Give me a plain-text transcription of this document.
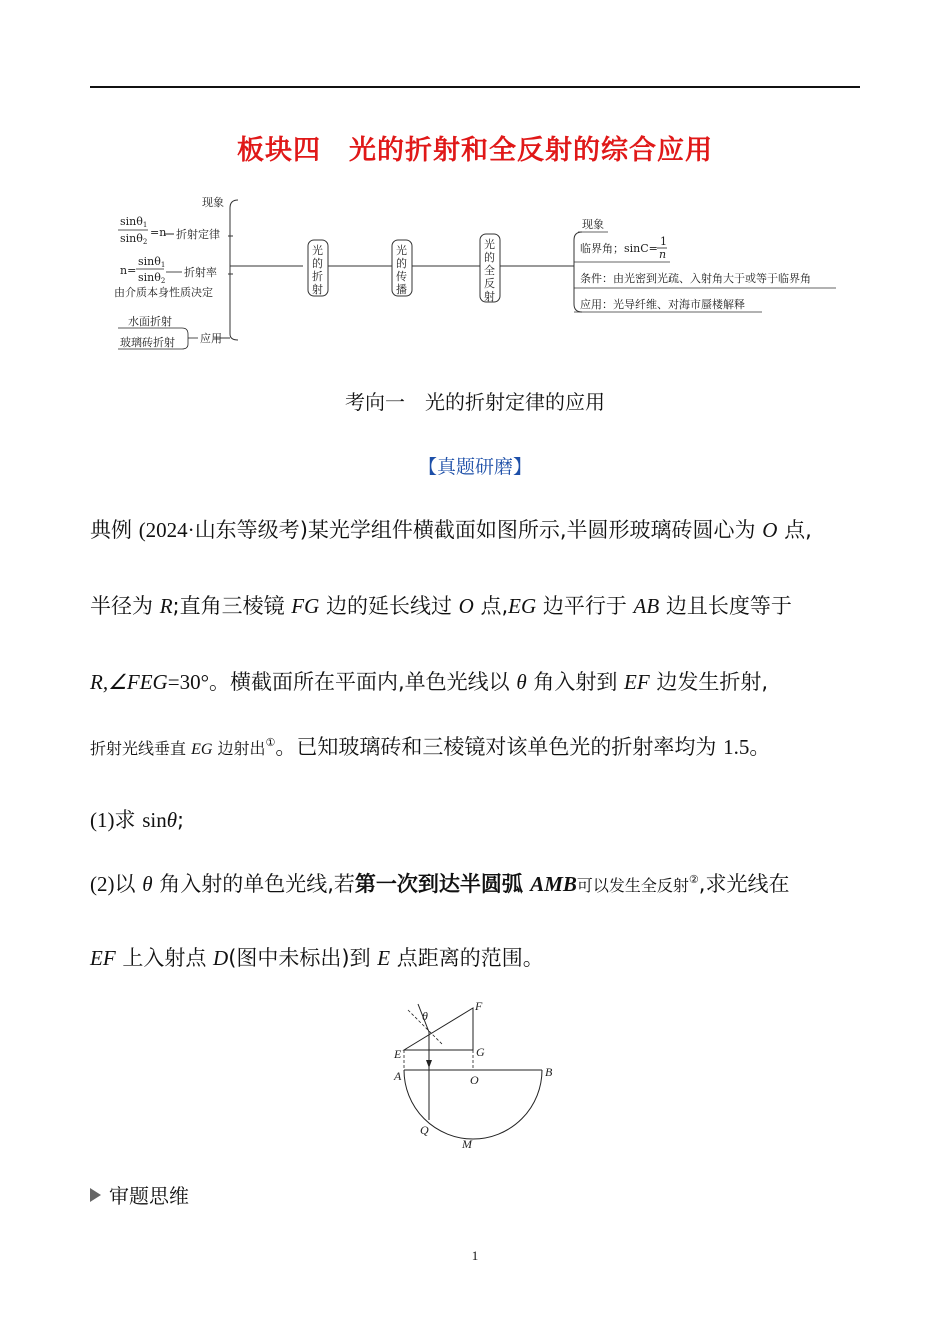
板块四　光的折射和全反射的综合应用
现象
sinθ1
sinθ2
=n 折射定律
n=
sinθ1
sinθ2
折射率
由介质本身性质决定
水面折射
玻璃砖折射 应用
光
的
折
射
光
的
传
播
光
的
全
反
射
现象
临界角；sinC=
1
n
条件：由光密到光疏、入射角大于或等于临界角
应用：光导纤维、对海市蜃楼解释
考向一　光的折射定律的应用
【真题研磨】
典例 (2024·山东等级考)某光学组件横截面如图所示,半圆形玻璃砖圆心为 O 点,
半径为 R;直角三棱镜 FG 边的延长线过 O 点,EG 边平行于 AB 边且长度等于
R,∠FEG=30°。横截面所在平面内,单色光线以 θ 角入射到 EF 边发生折射,
折射光线垂直 EG 边射出①。已知玻璃砖和三棱镜对该单色光的折射率均为 1.5。
(1)求 sinθ;
(2)以 θ 角入射的单色光线,若第一次到达半圆弧 AMB可以发生全反射②,求光线在
EF 上入射点 D(图中未标出)到 E 点距离的范围。
θ
F
E	G
A	O
B
Q
M
审题思维
1
